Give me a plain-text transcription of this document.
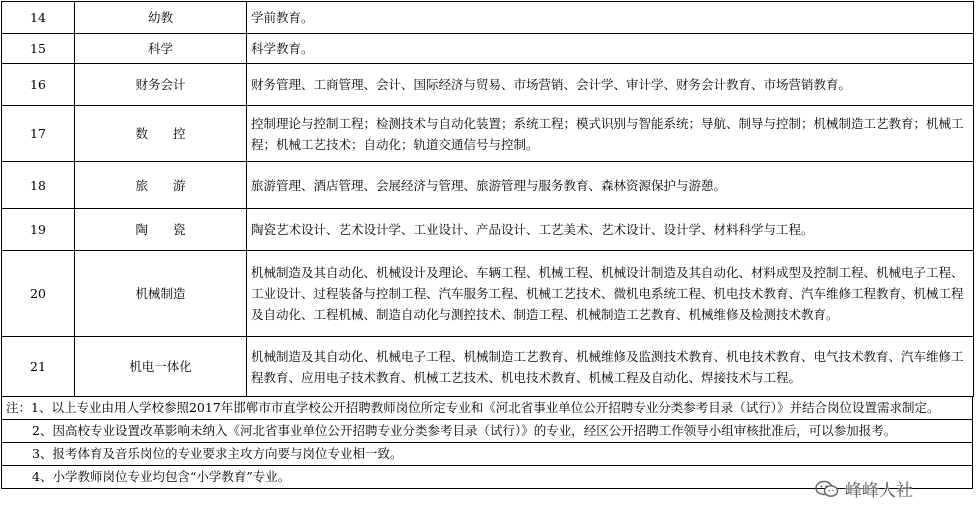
14	幼教	学前教育。
15	科学	科学教育。
16	财务会计	财务管理、工商管理、会计、国际经济与贸易、市场营销、会计学、审计学、财务会计教育、市场营销教育。
17	数　　控	控制理论与控制工程；检测技术与自动化装置；系统工程；模式识别与智能系统；导航、制导与控制；机械制造工艺教育；机械工程；机械工艺技术；自动化；轨道交通信号与控制。
18	旅　　游	旅游管理、酒店管理、会展经济与管理、旅游管理与服务教育、森林资源保护与游憩。
19	陶　　瓷	陶瓷艺术设计、艺术设计学、工业设计、产品设计、工艺美术、艺术设计、设计学、材料科学与工程。
20	机械制造	机械制造及其自动化、机械设计及理论、车辆工程、机械工程、机械设计制造及其自动化、材料成型及控制工程、机械电子工程、工业设计、过程装备与控制工程、汽车服务工程、机械工艺技术、微机电系统工程、机电技术教育、汽车维修工程教育、机械工程及自动化、工程机械、制造自动化与测控技术、制造工程、机械制造工艺教育、机械维修及检测技术教育。
21	机电一体化	机械制造及其自动化、机械电子工程、机械制造工艺教育、机械维修及监测技术教育、机电技术教育、电气技术教育、汽车维修工程教育、应用电子技术教育、机械工艺技术、机电技术教育、机械工程及自动化、焊接技术与工程。
注：1、以上专业由用人学校参照2017年邯郸市市直学校公开招聘教师岗位所定专业和《河北省事业单位公开招聘专业分类参考目录（试行）》并结合岗位设置需求制定。
2、因高校专业设置改革影响未纳入《河北省事业单位公开招聘专业分类参考目录（试行）》的专业，经区公开招聘工作领导小组审核批准后，可以参加报考。
3、报考体育及音乐岗位的专业要求主攻方向要与岗位专业相一致。
4、小学教师岗位专业均包含“小学教育”专业。
峰峰人社
